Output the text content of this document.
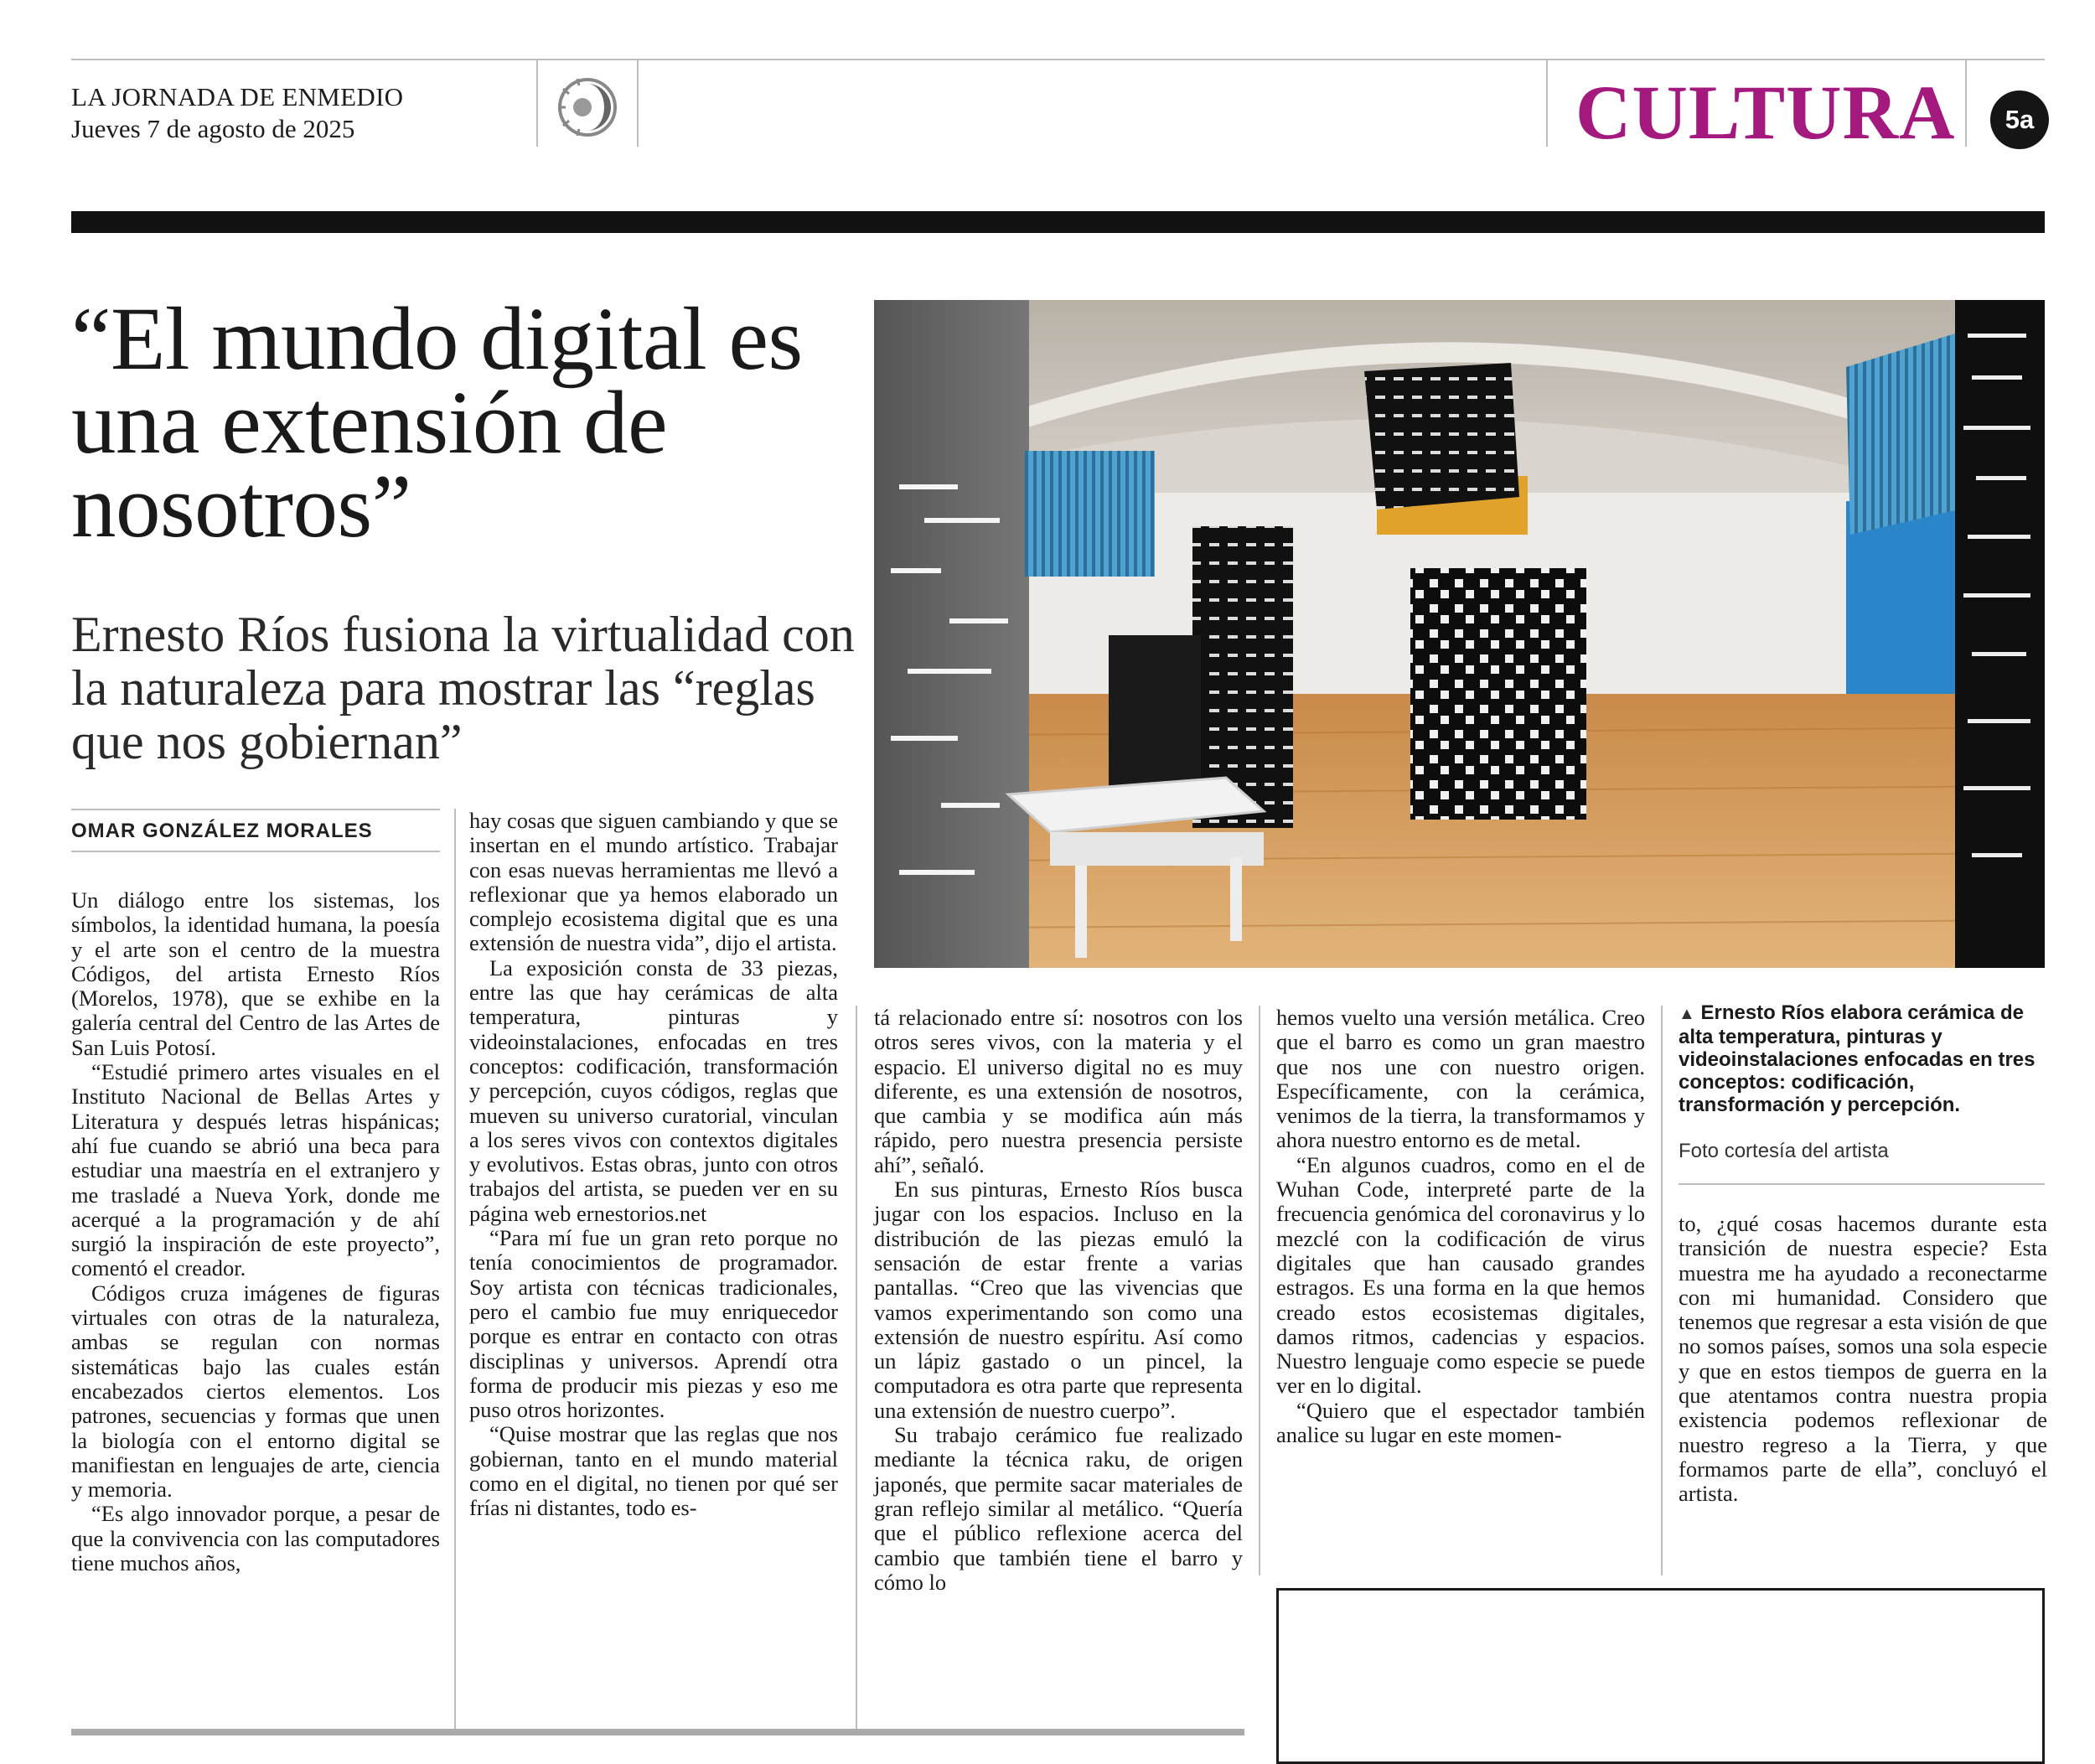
LA JORNADA DE ENMEDIO
Jueves 7 de agosto de 2025	CULTURA	5a
“El mundo digital es una extensión de nosotros”
Ernesto Ríos fusiona la virtualidad con la naturaleza para mostrar las “reglas que nos gobiernan”
OMAR GONZÁLEZ MORALES
▲ Ernesto Ríos elabora cerámica de alta temperatura, pinturas y videoinstalaciones enfocadas en tres conceptos: codificación, transformación y percepción.
Foto cortesía del artista

Un diálogo entre los sistemas, los símbolos, la identidad humana, la poesía y el arte son el centro de la muestra Códigos, del artista Ernesto Ríos (Morelos, 1978), que se exhibe en la galería central del Centro de las Artes de San Luis Potosí.

“Estudié primero artes visuales en el Instituto Nacional de Bellas Artes y Literatura y después letras hispánicas; ahí fue cuando se abrió una beca para estudiar una maestría en el extranjero y me trasladé a Nueva York, donde me acerqué a la programación y de ahí surgió la inspiración de este proyecto”, comentó el creador.

Códigos cruza imágenes de figuras virtuales con otras de la naturaleza, ambas se regulan con normas sistemáticas bajo las cuales están encabezados ciertos elementos. Los patrones, secuencias y formas que unen la biología con el entorno digital se manifiestan en lenguajes de arte, ciencia y memoria.

“Es algo innovador porque, a pesar de que la convivencia con las computadores tiene muchos años,

hay cosas que siguen cambiando y que se insertan en el mundo artístico. Trabajar con esas nuevas herramientas me llevó a reflexionar que ya hemos elaborado un complejo ecosistema digital que es una extensión de nuestra vida”, dijo el artista.

La exposición consta de 33 piezas, entre las que hay cerámicas de alta temperatura, pinturas y videoinstalaciones, enfocadas en tres conceptos: codificación, transformación y percepción, cuyos códigos, reglas que mueven su universo curatorial, vinculan a los seres vivos con contextos digitales y evolutivos. Estas obras, junto con otros trabajos del artista, se pueden ver en su página web ernestorios.net

“Para mí fue un gran reto porque no tenía conocimientos de programador. Soy artista con técnicas tradicionales, pero el cambio fue muy enriquecedor porque es entrar en contacto con otras disciplinas y universos. Aprendí otra forma de producir mis piezas y eso me puso otros horizontes.

“Quise mostrar que las reglas que nos gobiernan, tanto en el mundo material como en el digital, no tienen por qué ser frías ni distantes, todo es-

tá relacionado entre sí: nosotros con los otros seres vivos, con la materia y el espacio. El universo digital no es muy diferente, es una extensión de nosotros, que cambia y se modifica aún más rápido, pero nuestra presencia persiste ahí”, señaló.

En sus pinturas, Ernesto Ríos busca jugar con los espacios. Incluso en la distribución de las piezas emuló la sensación de estar frente a varias pantallas. “Creo que las vivencias que vamos experimentando son como una extensión de nuestro espíritu. Así como un lápiz gastado o un pincel, la computadora es otra parte que representa una extensión de nuestro cuerpo”.

Su trabajo cerámico fue realizado mediante la técnica raku, de origen japonés, que permite sacar materiales de gran reflejo similar al metálico. “Quería que el público reflexione acerca del cambio que también tiene el barro y cómo lo

hemos vuelto una versión metálica. Creo que el barro es como un gran maestro que nos une con nuestro origen. Específicamente, con la cerámica, venimos de la tierra, la transformamos y ahora nuestro entorno es de metal.

“En algunos cuadros, como en el de Wuhan Code, interpreté parte de la frecuencia genómica del coronavirus y lo mezclé con la codificación de virus digitales que han causado grandes estragos. Es una forma en la que hemos creado estos ecosistemas digitales, damos ritmos, cadencias y espacios. Nuestro lenguaje como especie se puede ver en lo digital.

“Quiero que el espectador también analice su lugar en este momen-

to, ¿qué cosas hacemos durante esta transición de nuestra especie? Esta muestra me ha ayudado a reconectarme con mi humanidad. Considero que tenemos que regresar a esta visión de que no somos países, somos una sola especie y que en estos tiempos de guerra en la que atentamos contra nuestra propia existencia podemos reflexionar de nuestro regreso a la Tierra, y que formamos parte de ella”, concluyó el artista.
